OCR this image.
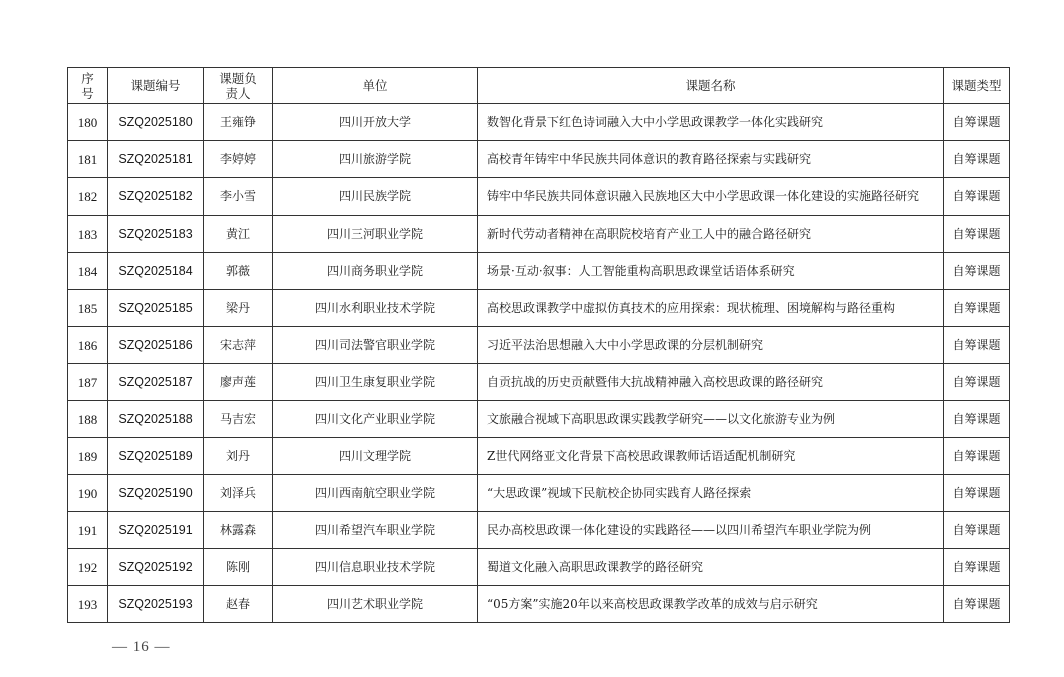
序号	课题编号	课题负责人	单位	课题名称	课题类型
180	SZQ2025180	王雍铮	四川开放大学	数智化背景下红色诗词融入大中小学思政课教学一体化实践研究	自筹课题
181	SZQ2025181	李婷婷	四川旅游学院	高校青年铸牢中华民族共同体意识的教育路径探索与实践研究	自筹课题
182	SZQ2025182	李小雪	四川民族学院	铸牢中华民族共同体意识融入民族地区大中小学思政课一体化建设的实施路径研究	自筹课题
183	SZQ2025183	黄江	四川三河职业学院	新时代劳动者精神在高职院校培育产业工人中的融合路径研究	自筹课题
184	SZQ2025184	郭薇	四川商务职业学院	场景·互动·叙事：人工智能重构高职思政课堂话语体系研究	自筹课题
185	SZQ2025185	梁丹	四川水利职业技术学院	高校思政课教学中虚拟仿真技术的应用探索：现状梳理、困境解构与路径重构	自筹课题
186	SZQ2025186	宋志萍	四川司法警官职业学院	习近平法治思想融入大中小学思政课的分层机制研究	自筹课题
187	SZQ2025187	廖声莲	四川卫生康复职业学院	自贡抗战的历史贡献暨伟大抗战精神融入高校思政课的路径研究	自筹课题
188	SZQ2025188	马吉宏	四川文化产业职业学院	文旅融合视域下高职思政课实践教学研究——以文化旅游专业为例	自筹课题
189	SZQ2025189	刘丹	四川文理学院	Z世代网络亚文化背景下高校思政课教师话语适配机制研究	自筹课题
190	SZQ2025190	刘泽兵	四川西南航空职业学院	“大思政课”视域下民航校企协同实践育人路径探索	自筹课题
191	SZQ2025191	林露森	四川希望汽车职业学院	民办高校思政课一体化建设的实践路径——以四川希望汽车职业学院为例	自筹课题
192	SZQ2025192	陈刚	四川信息职业技术学院	蜀道文化融入高职思政课教学的路径研究	自筹课题
193	SZQ2025193	赵春	四川艺术职业学院	“05方案”实施20年以来高校思政课教学改革的成效与启示研究	自筹课题
— 16 —
